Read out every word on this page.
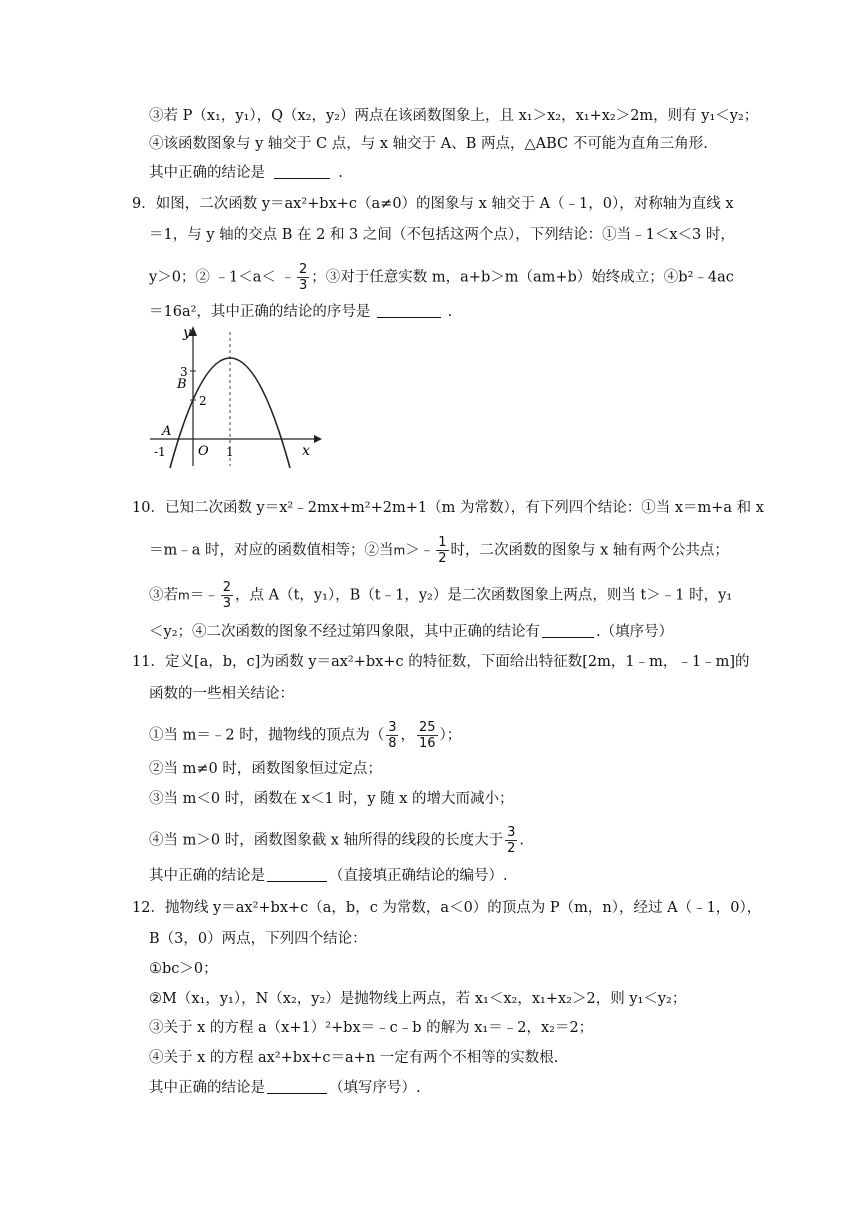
③若 P（x₁，y₁），Q（x₂，y₂）两点在该函数图象上，且 x₁＞x₂，x₁+x₂＞2m，则有 y₁＜y₂；
④该函数图象与 y 轴交于 C 点，与 x 轴交于 A、B 两点，△ABC 不可能为直角三角形.
其中正确的结论是	.
9．如图，二次函数 y＝ax²+bx+c（a≠0）的图象与 x 轴交于 A（﹣1，0），对称轴为直线 x
＝1，与 y 轴的交点 B 在 2 和 3 之间（不包括这两个点），下列结论：①当﹣1＜x＜3 时，
y＞0；② ﹣1＜a＜ ﹣ $\frac{2}{3}$ ；③对于任意实数 m，a+b＞m（am+b）始终成立；④b²﹣4ac
＝16a²，其中正确的结论的序号是	.
y
x
O
A
B
3
2
-1	1
10．已知二次函数 y＝x²﹣2mx+m²+2m+1（m 为常数），有下列四个结论：①当 x＝m+a 和 x
＝m﹣a 时，对应的函数值相等；②当m＞﹣ $\frac{1}{2}$ 时，二次函数的图象与 x 轴有两个公共点；
③若m＝﹣ $\frac{2}{3}$ ，点 A（t，y₁），B（t﹣1，y₂）是二次函数图象上两点，则当 t＞﹣1 时，y₁
＜y₂；④二次函数的图象不经过第四象限，其中正确的结论有	.（填序号）
11．定义[a，b，c]为函数 y＝ax²+bx+c 的特征数，下面给出特征数[2m，1﹣m，﹣1﹣m]的
函数的一些相关结论：
①当 m＝﹣2 时，抛物线的顶点为（ $\frac{3}{8}$ ， $\frac{25}{16}$ ）；
②当 m≠0 时，函数图象恒过定点；
③当 m＜0 时，函数在 x＜1 时，y 随 x 的增大而减小；
④当 m＞0 时，函数图象截 x 轴所得的线段的长度大于 $\frac{3}{2}$ .
其中正确的结论是	（直接填正确结论的编号）.
12．抛物线 y＝ax²+bx+c（a，b，c 为常数，a＜0）的顶点为 P（m，n），经过 A（﹣1，0），
B（3，0）两点，下列四个结论：
①bc＞0；
②M（x₁，y₁），N（x₂，y₂）是抛物线上两点，若 x₁＜x₂，x₁+x₂＞2，则 y₁＜y₂；
③关于 x 的方程 a（x+1）²+bx＝﹣c﹣b 的解为 x₁＝﹣2，x₂＝2；
④关于 x 的方程 ax²+bx+c＝a+n 一定有两个不相等的实数根.
其中正确的结论是	（填写序号）.
